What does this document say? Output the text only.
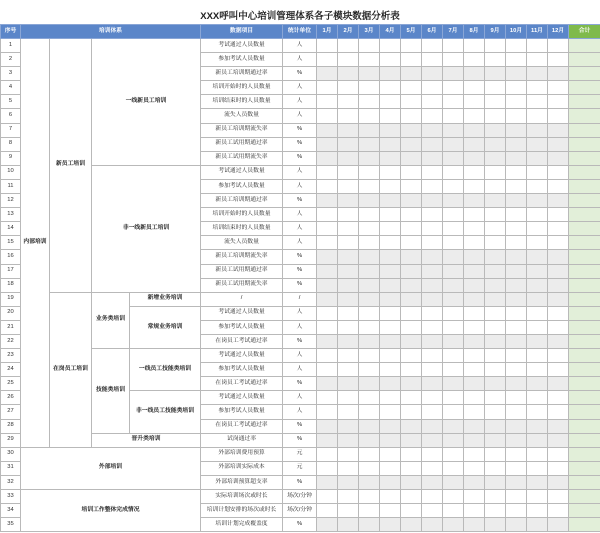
XXX呼叫中心培训管理体系各子模块数据分析表
序号	培训体系				数据项目	统计单位	1月	2月	3月	4月	5月	6月	7月	8月	9月	10月	11月	12月	合计
1	内部培训	新员工培训	一线新员工培训		考试通过人员数量	人													
2					参加考试人员数量	人													
3					新员工培训期通过率	%													
4					培训开始时的人员数量	人													
5					培训结束时的人员数量	人													
6					流失人员数量	人													
7					新员工培训期流失率	%													
8					新员工试用期通过率	%													
9					新员工试用期流失率	%													
10			非一线新员工培训		考试通过人员数量	人													
11					参加考试人员数量	人													
12					新员工培训期通过率	%													
13					培训开始时的人员数量	人													
14					培训结束时的人员数量	人													
15					流失人员数量	人													
16					新员工培训期流失率	%													
17					新员工试用期通过率	%													
18					新员工试用期流失率	%													
19		在岗员工培训	业务类培训	新增业务培训	/	/													
20				常规业务培训	考试通过人员数量	人													
21					参加考试人员数量	人													
22					在岗员工考试通过率	%													
23			技能类培训	一线员工技能类培训	考试通过人员数量	人													
24					参加考试人员数量	人													
25					在岗员工考试通过率	%													
26				非一线员工技能类培训	考试通过人员数量	人													
27					参加考试人员数量	人													
28					在岗员工考试通过率	%													
29			晋升类培训		试岗通过率	%													
30	外部培训				外部培训费用预算	元													
31					外部培训实际成本	元													
32					外部培训预算超支率	%													
33	培训工作整体完成情况				实际培训场次或时长	场次/分钟													
34					培训计划安排的场次或时长	场次/分钟													
35					培训计划完成覆盖度	%													
